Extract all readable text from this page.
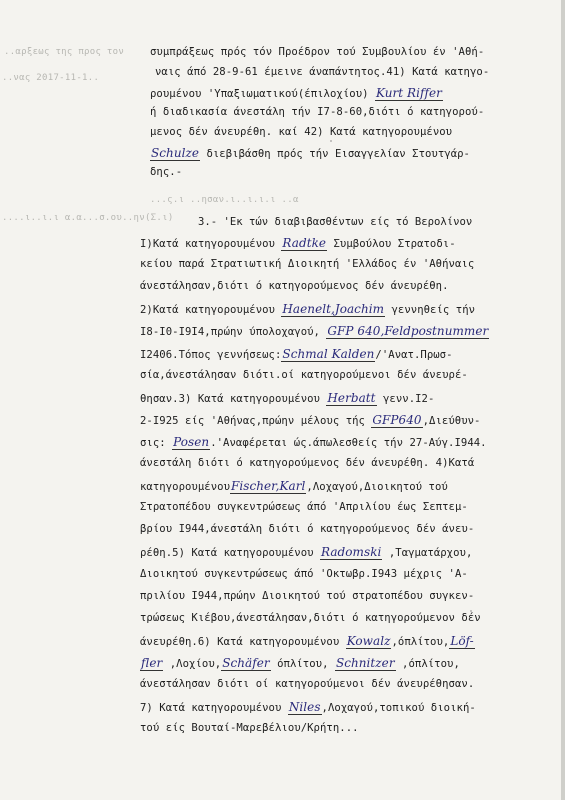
..αρξεως της προς τον
..νας 2017-11-1..
...ς.ι ..ησαν.ι..ι.ι.ι ..α
....ι..ι.ι α.α...σ.ου..ην(Σ.ι)
συμπράξεως πρός τόν Προέδρον τού Συμβουλίου έν 'Αθή-
ναις άπό 28-9-61 έμεινε άναπάντητος.41) Κατά κατηγο-
ρουμένου 'Υπαξιωματικού(έπιλοχίου) Kurt Riffer
ή διαδικασία άνεστάλη τήν I7-8-60,διότι ό κατηγορού-
μενος δέν άνευρέθη. καί 42) Κατά κατηγορουμένου
Schulze διεβιβάσθη πρός τήν Εισαγγελίαν Στουτγάρ-
δης.-
3.- 'Εκ τών διαβιβασθέντων είς τό Βερολίνον
I)Κατά κατηγορουμένου Radtke Συμβούλου Στρατοδι-
κείου παρά Στρατιωτική Διοικητή 'Ελλάδος έν 'Αθήναις
άνεστάλησαν,διότι ό κατηγορούμενος δέν άνευρέθη.
2)Κατά κατηγορουμένου Haenelt,Joachim γεννηθείς τήν
I8-I0-I9I4,πρώην ύπολοχαγού, GFP 640,Feldpostnummer
I2406.Τόπος γεννήσεως:Schmal Kalden/'Ανατ.Πρωσ-
σία,άνεστάλησαν διότι.οί κατηγορούμενοι δέν άνευρέ-
θησαν.3) Κατά κατηγορουμένου Herbatt γενν.I2-
2-I925 είς 'Αθήνας,πρώην μέλους τής GFP640,Διεύθυν-
σις: Posen.'Αναφέρεται ώς.άπωλεσθείς τήν 27-Αύγ.I944.
άνεστάλη διότι ό κατηγορούμενος δέν άνευρέθη. 4)Κατά
κατηγορουμένουFischer,Karl,Λοχαγού,Διοικητού τού
Στρατοπέδου συγκεντρώσεως άπό 'Απριλίου έως Σεπτεμ-
βρίου I944,άνεστάλη διότι ό κατηγορούμενος δέν άνευ-
ρέθη.5) Κατά κατηγορουμένου Radomski ,Ταγματάρχου,
Διοικητού συγκεντρώσεως άπό 'Οκτωβρ.I943 μέχρις 'Α-
πριλίου I944,πρώην Διοικητού τού στρατοπέδου συγκεν-
τρώσεως Κιέβου,άνεστάλησαν,διότι ό κατηγορούμενον δέν
άνευρέθη.6) Κατά κατηγορουμένου Kowalz,όπλίτου,Löf-
fler ,Λοχίου,Schäfer όπλίτου, Schnitzer ,όπλίτου,
άνεστάλησαν διότι οί κατηγορούμενοι δέν άνευρέθησαν.
7) Κατά κατηγορουμένου Niles,Λοχαγού,τοπικού διοική-
τού είς Βουταί-Μαρεβέλιου/Κρήτη...
